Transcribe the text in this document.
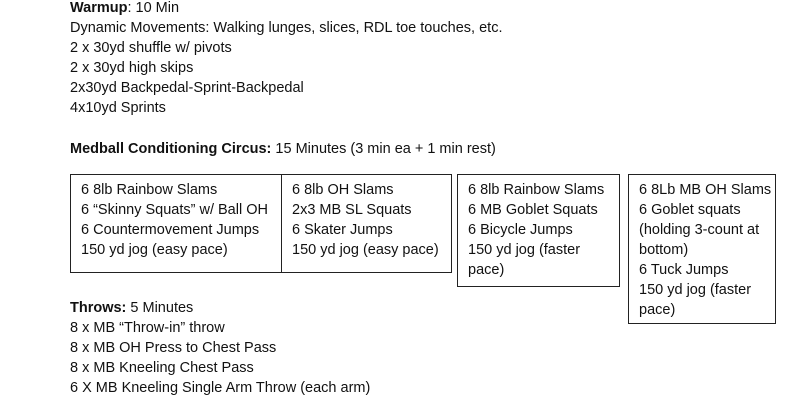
Warmup: 10 Min
Dynamic Movements: Walking lunges, slices, RDL toe touches, etc.
2 x 30yd shuffle w/ pivots
2 x 30yd high skips
2x30yd Backpedal-Sprint-Backpedal
4x10yd Sprints
Medball Conditioning Circus: 15 Minutes (3 min ea + 1 min rest)
6 8lb Rainbow Slams
6 “Skinny Squats” w/ Ball OH
6 Countermovement Jumps
150 yd jog (easy pace)
6 8lb OH Slams
2x3 MB SL Squats
6 Skater Jumps
150 yd jog (easy pace)
6 8lb Rainbow Slams
6 MB Goblet Squats
6 Bicycle Jumps
150 yd jog (faster pace)
6 8Lb MB OH Slams
6 Goblet squats (holding 3-count at bottom)
6 Tuck Jumps
150 yd jog (faster pace)
Throws: 5 Minutes
8 x MB “Throw-in” throw
8 x MB OH Press to Chest Pass
8 x MB Kneeling Chest Pass
6 X MB Kneeling Single Arm Throw (each arm)
